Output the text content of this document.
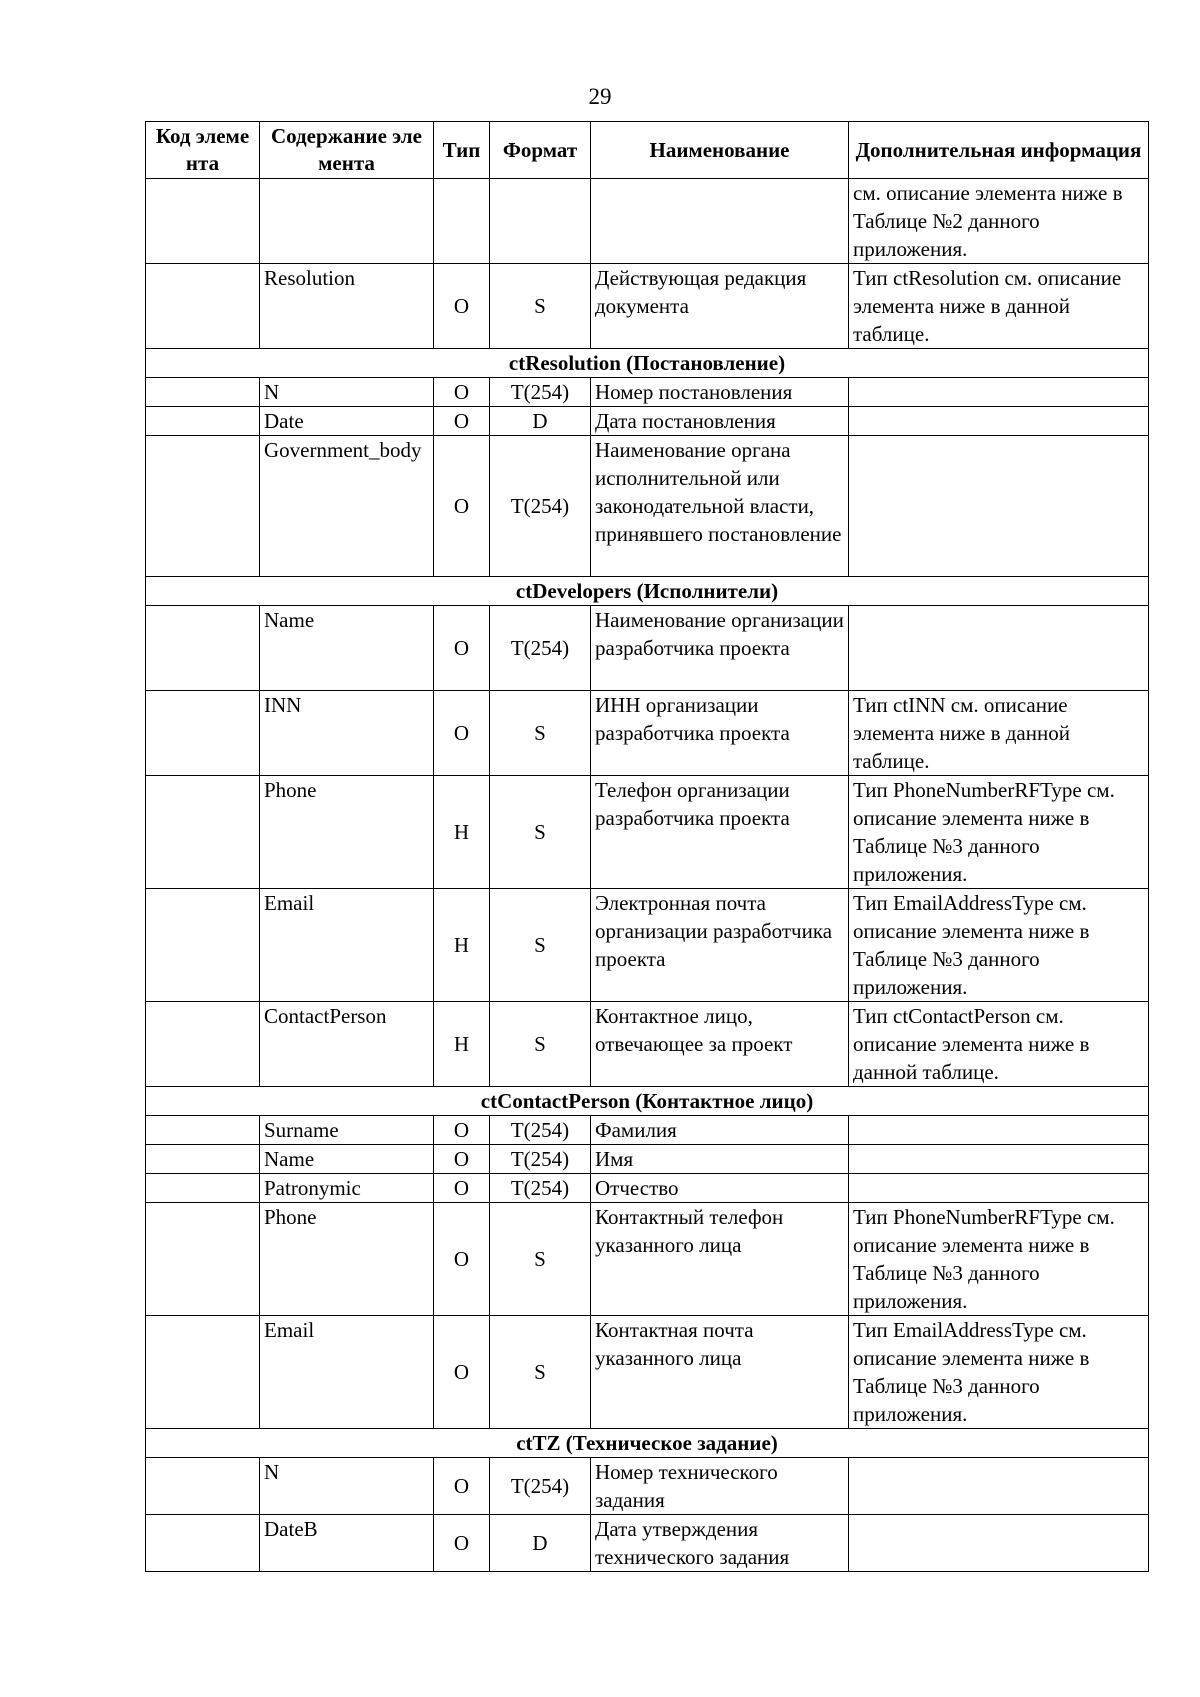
29
Код элемента	Содержание элемента	Тип	Формат	Наименование	Дополнительная информация
					см. описание элемента ниже в Таблице №2 данного приложения.
	Resolution	О	S	Действующая редакция документа	Тип ctResolution см. описание элемента ниже в данной таблице.
ctResolution (Постановление)					
	N	О	T(254)	Номер постановления	
	Date	О	D	Дата постановления	
	Government_body	О	T(254)	Наименование органа исполнительной или законодательной власти, принявшего постановление	
ctDevelopers (Исполнители)					
	Name	О	T(254)	Наименование организации разработчика проекта	
	INN	О	S	ИНН организации разработчика проекта	Тип ctINN см. описание элемента ниже в данной таблице.
	Phone	Н	S	Телефон организации разработчика проекта	Тип PhoneNumberRFType см. описание элемента ниже в Таблице №3 данного приложения.
	Email	Н	S	Электронная почта организации разработчика проекта	Тип EmailAddressType см. описание элемента ниже в Таблице №3 данного приложения.
	ContactPerson	Н	S	Контактное лицо, отвечающее за проект	Тип ctContactPerson см. описание элемента ниже в данной таблице.
ctContactPerson (Контактное лицо)					
	Surname	О	T(254)	Фамилия	
	Name	О	T(254)	Имя	
	Patronymic	О	T(254)	Отчество	
	Phone	О	S	Контактный телефон указанного лица	Тип PhoneNumberRFType см. описание элемента ниже в Таблице №3 данного приложения.
	Email	О	S	Контактная почта указанного лица	Тип EmailAddressType см. описание элемента ниже в Таблице №3 данного приложения.
ctTZ (Техническое задание)					
	N	О	T(254)	Номер технического задания	
	DateB	О	D	Дата утверждения технического задания	
